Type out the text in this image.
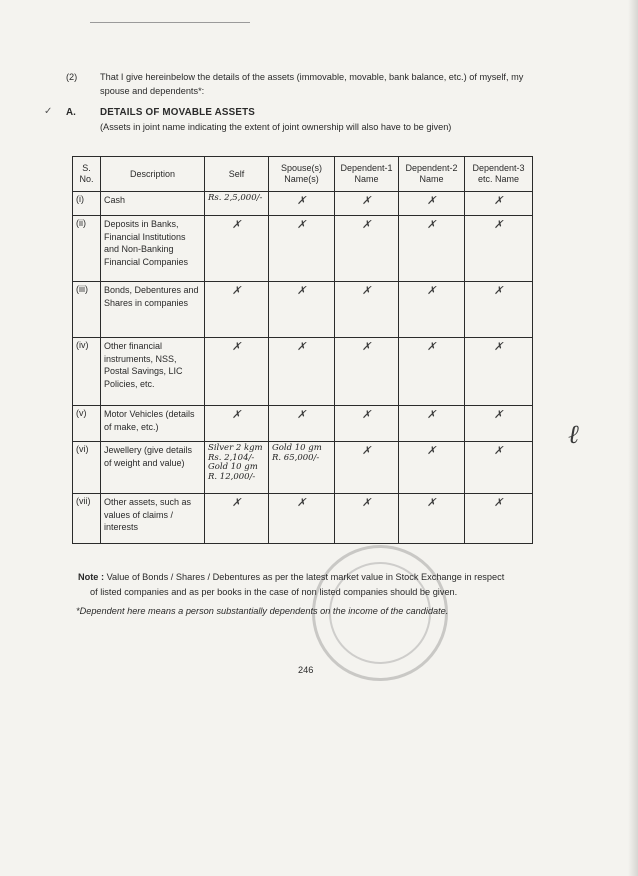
(2) That I give hereinbelow the details of the assets (immovable, movable, bank balance, etc.) of myself, my spouse and dependents*:
✓ A. DETAILS OF MOVABLE ASSETS
(Assets in joint name indicating the extent of joint ownership will also have to be given)
S. No.	Description	Self	Spouse(s) Name(s)	Dependent-1 Name	Dependent-2 Name	Dependent-3 etc. Name
(i)	Cash	Rs. 2,5,000/-	✗	✗	✗	✗
(ii)	Deposits in Banks, Financial Institutions and Non-Banking Financial Companies	✗	✗	✗	✗	✗
(iii)	Bonds, Debentures and Shares in companies	✗	✗	✗	✗	✗
(iv)	Other financial instruments, NSS, Postal Savings, LIC Policies, etc.	✗	✗	✗	✗	✗
(v)	Motor Vehicles (details of make, etc.)	✗	✗	✗	✗	✗
(vi)	Jewellery (give details of weight and value)	Silver 2 kgm Rs. 2,104/- Gold 10 gm R. 12,000/-	Gold 10 gm R. 65,000/-	✗	✗	✗
(vii)	Other assets, such as values of claims / interests	✗	✗	✗	✗	✗
Note : Value of Bonds / Shares / Debentures as per the latest market value in Stock Exchange in respect
of listed companies and as per books in the case of non listed companies should be given.
*Dependent here means a person substantially dependents on the income of the candidate.
246
ℓ
